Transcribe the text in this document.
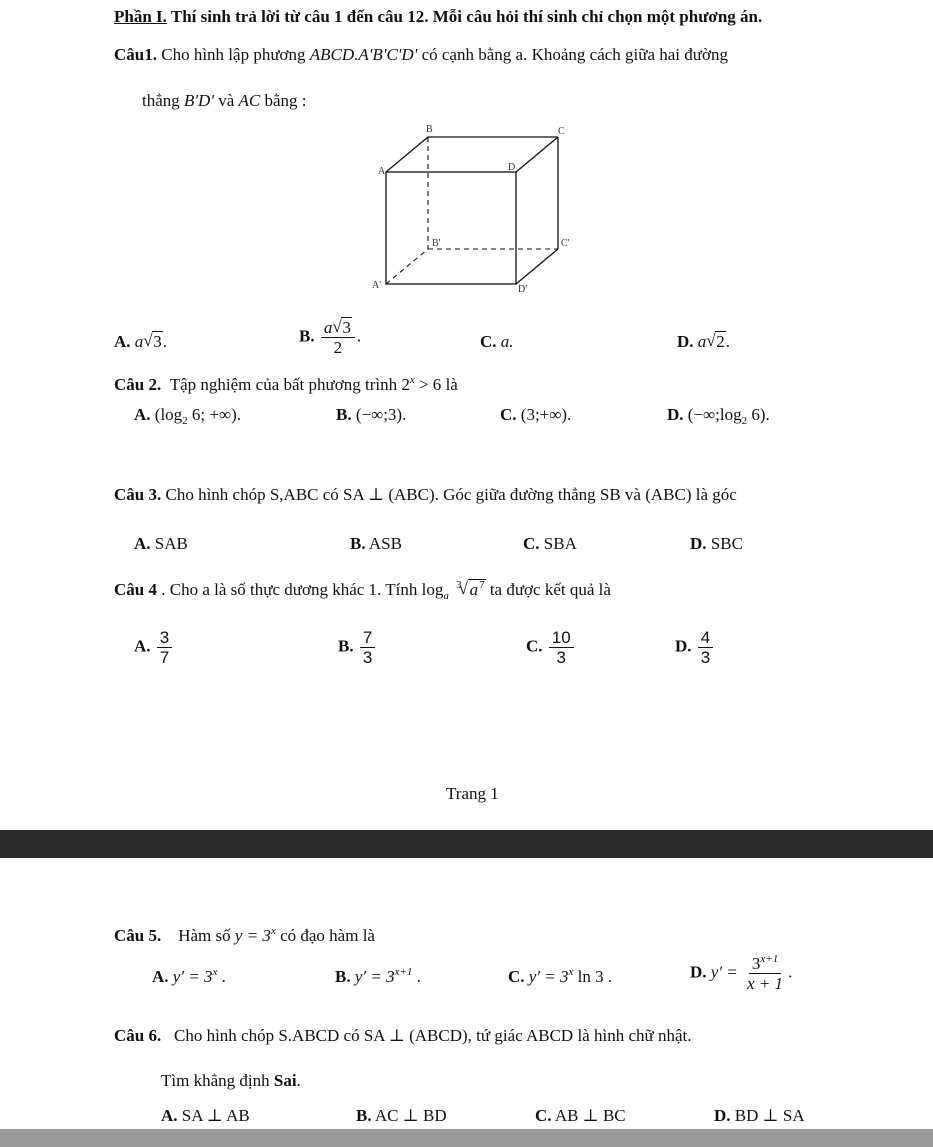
Phần I. Thí sinh trả lời từ câu 1 đến câu 12. Mỗi câu hỏi thí sinh chỉ chọn một phương án.
Câu1. Cho hình lập phương ABCD.A'B'C'D' có cạnh bằng a. Khoảng cách giữa hai đường
thẳng B'D' và AC bằng :
A
B	C
D
A'
B'	C'
D'
A. a√ 3.	B. $\frac{a√ 3}{2}$ .	C. a.	D. a√ 2.
Câu 2. Tập nghiệm của bất phương trình $2^x > 6$ là
A. ($\log_2$ 6; +∞).	B. (−∞;3).	C. (3;+∞).	D. ($-\infty;\log_2$ 6).
Câu 3. Cho hình chóp S,ABC có SA ⊥ (ABC). Góc giữa đường thẳng SB và (ABC) là góc
A. SAB	B. ASB	C. SBA	D. SBC
Câu 4 . Cho a là số thực dương khác 1. Tính $\log_a ^3√$ $a^7$ ta được kết quả là
A. $\frac{3}{7}$	B. $\frac{7}{3}$	C. $\frac{10}{3}$	D. $\frac{4}{3}$
Trang 1
Câu 5. Hàm số $y = 3^x$ có đạo hàm là
A. $y' = 3^x$ .	B. $y' = 3^{x+1}$ .	C. $y' = 3^x$ ln 3 .	D. $y' = \frac{3^{x+1}}{x + 1}$ .
Câu 6. Cho hình chóp S.ABCD có SA ⊥ (ABCD), tứ giác ABCD là hình chữ nhật.
Tìm khẳng định Sai.
A. SA ⊥ AB	B. AC ⊥ BD	C. AB ⊥ BC	D. BD ⊥ SA
